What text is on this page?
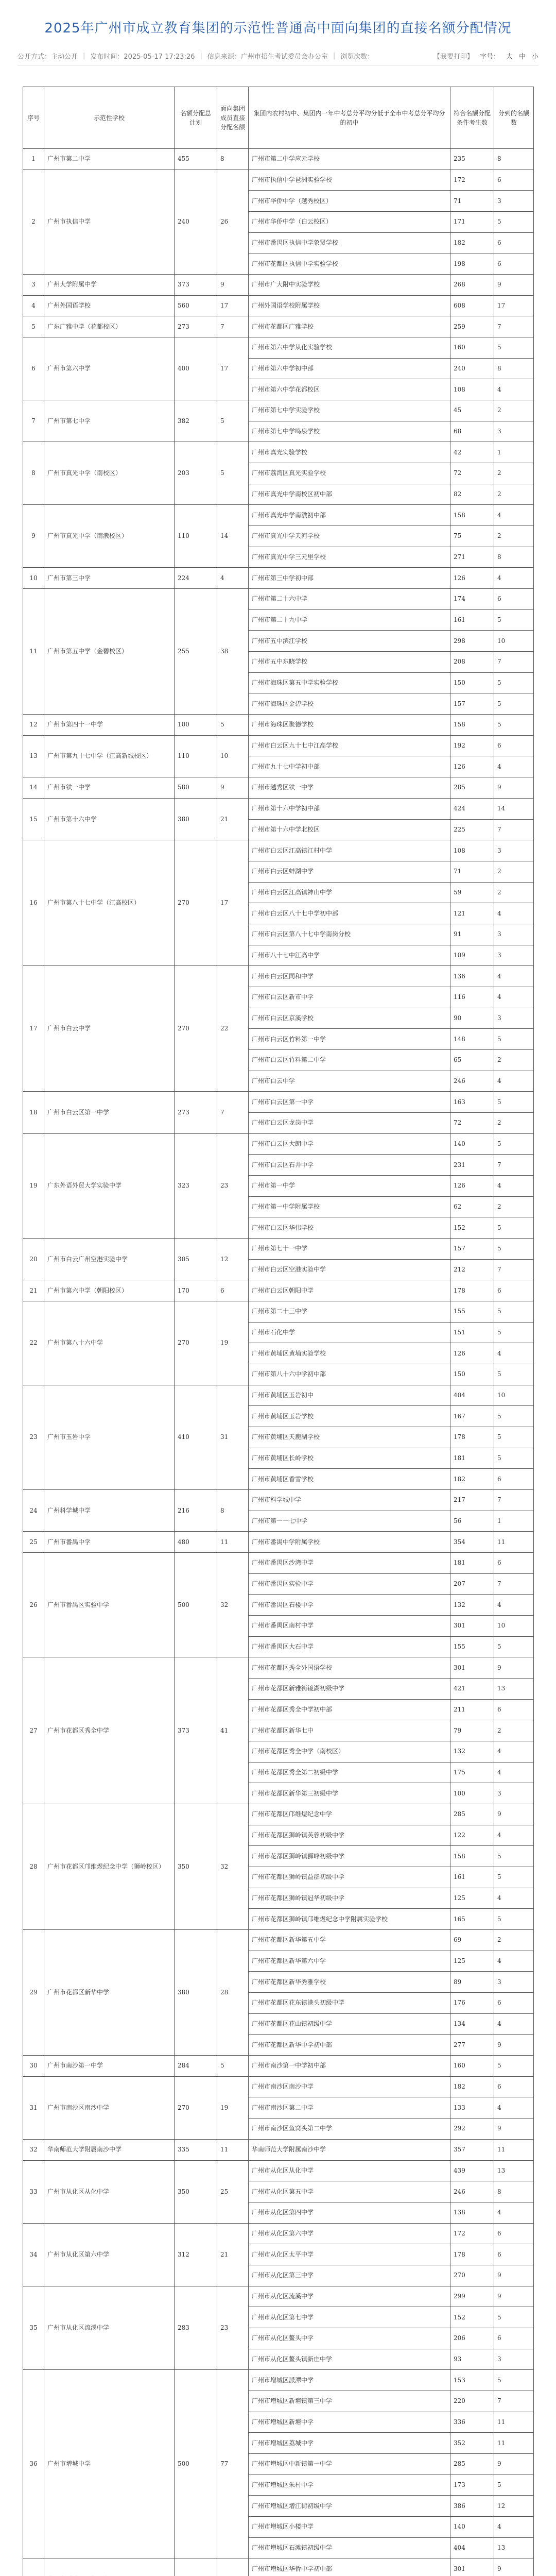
2025年广州市成立教育集团的示范性普通高中面向集团的直接名额分配情况
公开方式：主动公开 | 发布时间：2025-05-17 17:23:26 | 信息来源：广州市招生考试委员会办公室 | 浏览次数：	【我要打印】 字号： 大 中 小
序号	示范性学校	名额分配总计划	面向集团成员直接分配名额	集团内农村初中、集团内一年中考总分平均分低于全市中考总分平均分的初中	符合名额分配条件考生数	分到的名额数
1	广州市第二中学	455	8	广州市第二中学应元学校	235	8
2	广州市执信中学	240	26	广州市执信中学琶洲实验学校	172	6
				广州市华侨中学（越秀校区）	71	3
				广州市华侨中学（白云校区）	171	5
				广州市番禺区执信中学象贤学校	182	6
				广州市花都区执信中学实验学校	198	6
3	广州大学附属中学	373	9	广州市广大附中实验学校	268	9
4	广州外国语学校	560	17	广州外国语学校附属学校	608	17
5	广东广雅中学（花都校区）	273	7	广州市花都区广雅学校	259	7
6	广州市第六中学	400	17	广州市第六中学从化实验学校	160	5
				广州市第六中学初中部	240	8
				广州市第六中学花都校区	108	4
7	广州市第七中学	382	5	广州市第七中学实验学校	45	2
				广州市第七中学鸣泉学校	68	3
8	广州市真光中学（南校区）	203	5	广州市真光实验学校	42	1
				广州市荔湾区真光实验学校	72	2
				广州市真光中学南校区初中部	82	2
9	广州市真光中学（南漖校区）	110	14	广州市真光中学南漖初中部	158	4
				广州市真光中学天河学校	75	2
				广州市真光中学三元里学校	271	8
10	广州市第三中学	224	4	广州市第三中学初中部	126	4
11	广州市第五中学（金碧校区）	255	38	广州市第二十六中学	174	6
				广州市第二十九中学	161	5
				广州市五中滨江学校	298	10
				广州市五中东晓学校	208	7
				广州市海珠区第五中学实验学校	150	5
				广州市海珠区金碧学校	157	5
12	广州市第四十一中学	100	5	广州市海珠区聚德学校	158	5
13	广州市第九十七中学（江高新城校区）	110	10	广州市白云区九十七中江高学校	192	6
				广州市九十七中学初中部	126	4
14	广州市铁一中学	580	9	广州市越秀区铁一中学	285	9
15	广州市第十六中学	380	21	广州市第十六中学初中部	424	14
				广州市第十六中学北校区	225	7
16	广州市第八十七中学（江高校区）	270	17	广州市白云区江高镇江村中学	108	3
				广州市白云区蚌湖中学	71	2
				广州市白云区江高镇神山中学	59	2
				广州市白云区八十七中学初中部	121	4
				广州市白云区第八十七中学南岗分校	91	3
				广州市八十七中江高中学	109	3
17	广州市白云中学	270	22	广州市白云区同和中学	136	4
				广州市白云区新市中学	116	4
				广州市白云区京溪学校	90	3
				广州市白云区竹料第一中学	148	5
				广州市白云区竹料第二中学	65	2
				广州市白云中学	246	4
18	广州市白云区第一中学	273	7	广州市白云区第一中学	163	5
				广州市白云区龙岗中学	72	2
19	广东外语外贸大学实验中学	323	23	广州市白云区大朗中学	140	5
				广州市白云区石井中学	231	7
				广州市第一中学	126	4
				广州市第一中学附属学校	62	2
				广州市白云区华伟学校	152	5
20	广州市白云广州空港实验中学	305	12	广州市第七十一中学	157	5
				广州市白云区空港实验中学	212	7
21	广州市第六中学（朝阳校区）	170	6	广州市白云区朝阳中学	178	6
22	广州市第八十六中学	270	19	广州市第二十三中学	155	5
				广州市石化中学	151	5
				广州市黄埔区黄埔实验学校	126	4
				广州市第八十六中学初中部	150	5
23	广州市玉岩中学	410	31	广州市黄埔区玉岩初中	404	10
				广州市黄埔区玉岩学校	167	5
				广州市黄埔区天鹿湖学校	178	5
				广州市黄埔区长岭学校	181	5
				广州市黄埔区香雪学校	182	6
24	广州科学城中学	216	8	广州市科学城中学	217	7
				广州市第一一七中学	56	1
25	广州市番禺中学	480	11	广州市番禺中学附属学校	354	11
26	广州市番禺区实验中学	500	32	广州市番禺区沙湾中学	181	6
				广州市番禺区实验中学	207	7
				广州市番禺区石楼中学	132	4
				广州市番禺区南村中学	301	10
				广州市番禺区大石中学	155	5
27	广州市花都区秀全中学	373	41	广州市花都区秀全外国语学校	301	9
				广州市花都区新雅街镜湖初级中学	421	13
				广州市花都区秀全中学初中部	211	6
				广州市花都区新华七中	79	2
				广州市花都区秀全中学（南校区）	132	4
				广州市花都区秀全第二初级中学	175	4
				广州市花都区新华第三初级中学	100	3
28	广州市花都区邝维煜纪念中学（狮岭校区）	350	32	广州市花都区邝维煜纪念中学	285	9
				广州市花都区狮岭镇芙蓉初级中学	122	4
				广州市花都区狮岭镇狮峰初级中学	158	5
				广州市花都区狮岭镇益群初级中学	161	5
				广州市花都区狮岭镇冠华初级中学	125	4
				广州市花都区狮岭镇邝维煜纪念中学附属实验学校	165	5
29	广州市花都区新华中学	380	28	广州市花都区新华第五中学	69	2
				广州市花都区新华第六中学	125	4
				广州市花都区新华秀雅学校	89	3
				广州市花都区花东镇港头初级中学	176	6
				广州市花都区花山镇初级中学	134	4
				广州市花都区新华中学初中部	277	9
30	广州市南沙第一中学	284	5	广州市南沙第一中学初中部	160	5
31	广州市南沙区南沙中学	270	19	广州市南沙区南沙中学	182	6
				广州市南沙区第二中学	133	4
				广州市南沙区鱼窝头第二中学	292	9
32	华南师范大学附属南沙中学	335	11	华南师范大学附属南沙中学	357	11
33	广州市从化区从化中学	350	25	广州市从化区从化中学	439	13
				广州市从化区第五中学	246	8
				广州市从化区第四中学	138	4
34	广州市从化区第六中学	312	21	广州市从化区第六中学	172	6
				广州市从化区太平中学	178	6
				广州市从化区第三中学	270	9
35	广州市从化区流溪中学	283	23	广州市从化区流溪中学	299	9
				广州市从化区第七中学	152	5
				广州市从化区鳌头中学	206	6
				广州市从化区鳌头镇新庄中学	93	3
36	广州市增城中学	500	77	广州市增城区派潭中学	153	5
				广州市增城区新塘镇第三中学	220	7
				广州市增城区新塘中学	336	11
				广州市增城区荔城中学	352	11
				广州市增城区中新镇第一中学	285	9
				广州市增城区朱村中学	173	5
				广州市增城区增江街初级中学	386	12
				广州市增城区小楼中学	140	4
				广州市增城区石滩镇初级中学	404	13
				广州市增城区华侨中学初中部	301	9
